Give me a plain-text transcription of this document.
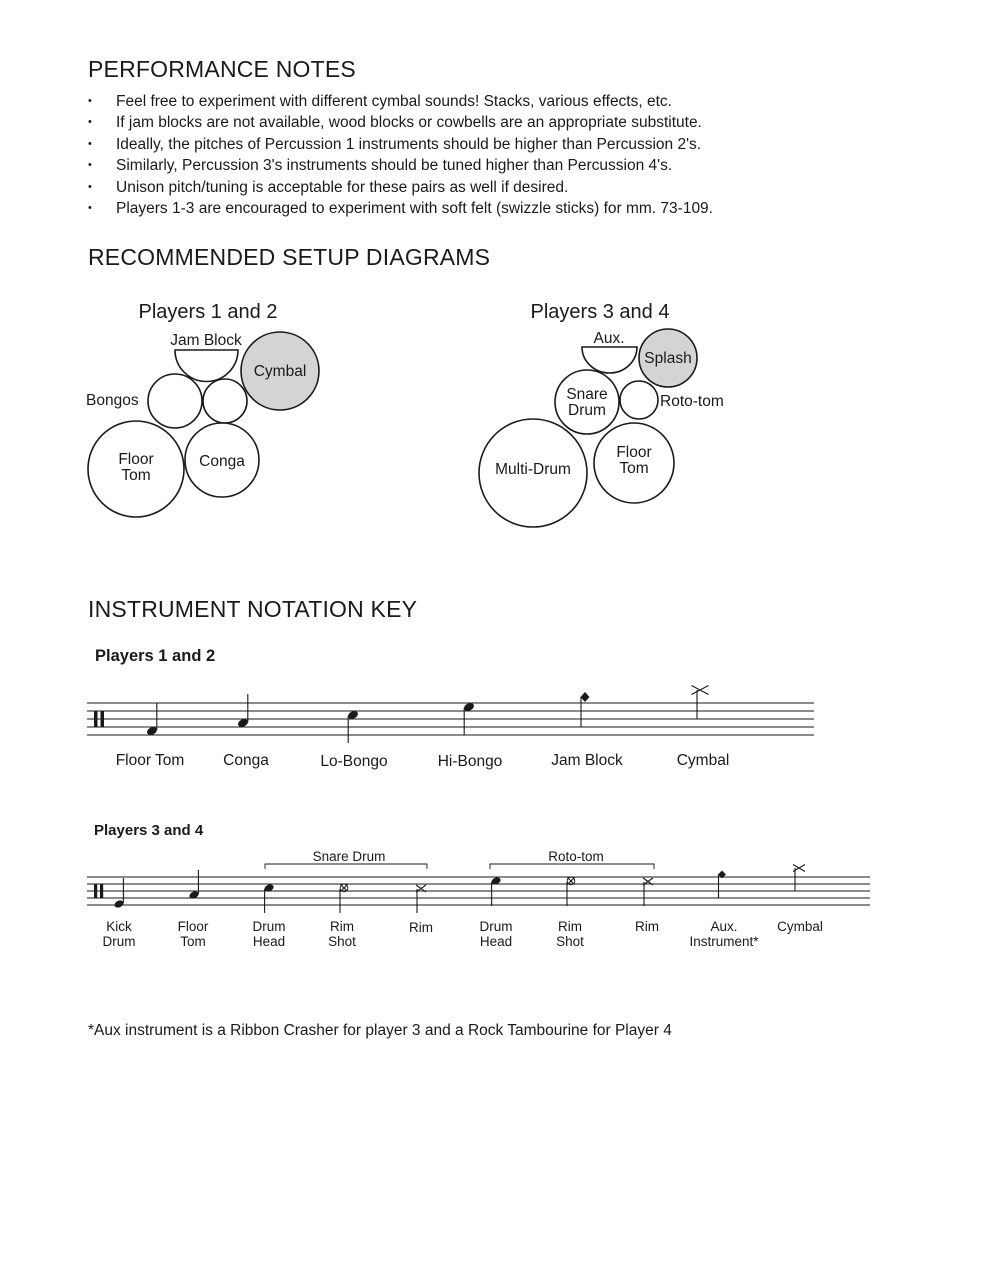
PERFORMANCE NOTES
• Feel free to experiment with different cymbal sounds! Stacks, various effects, etc.
• If jam blocks are not available, wood blocks or cowbells are an appropriate substitute.
• Ideally, the pitches of Percussion 1 instruments should be higher than Percussion 2's.
• Similarly, Percussion 3's instruments should be tuned higher than Percussion 4's.
• Unison pitch/tuning is acceptable for these pairs as well if desired.
• Players 1-3 are encouraged to experiment with soft felt (swizzle sticks) for mm. 73-109.
RECOMMENDED SETUP DIAGRAMS
Players 1 and 2
Jam Block
Cymbal
Bongos
Floor
Tom
Conga
Players 3 and 4
Aux.
Splash
Snare
Drum
Roto-tom
Floor
Tom
Multi-Drum
INSTRUMENT NOTATION KEY
Players 1 and 2
Floor Tom	Conga	Lo-Bongo	Hi-Bongo	Jam Block	Cymbal
Players 3 and 4
Snare Drum	Roto-tom
Kick
Drum
Floor
Tom
Drum
Head
Rim
Shot
Rim	Drum
Head
Rim
Shot
Rim	Aux.
Instrument*
Cymbal

*Aux instrument is a Ribbon Crasher for player 3 and a Rock Tambourine for Player 4
